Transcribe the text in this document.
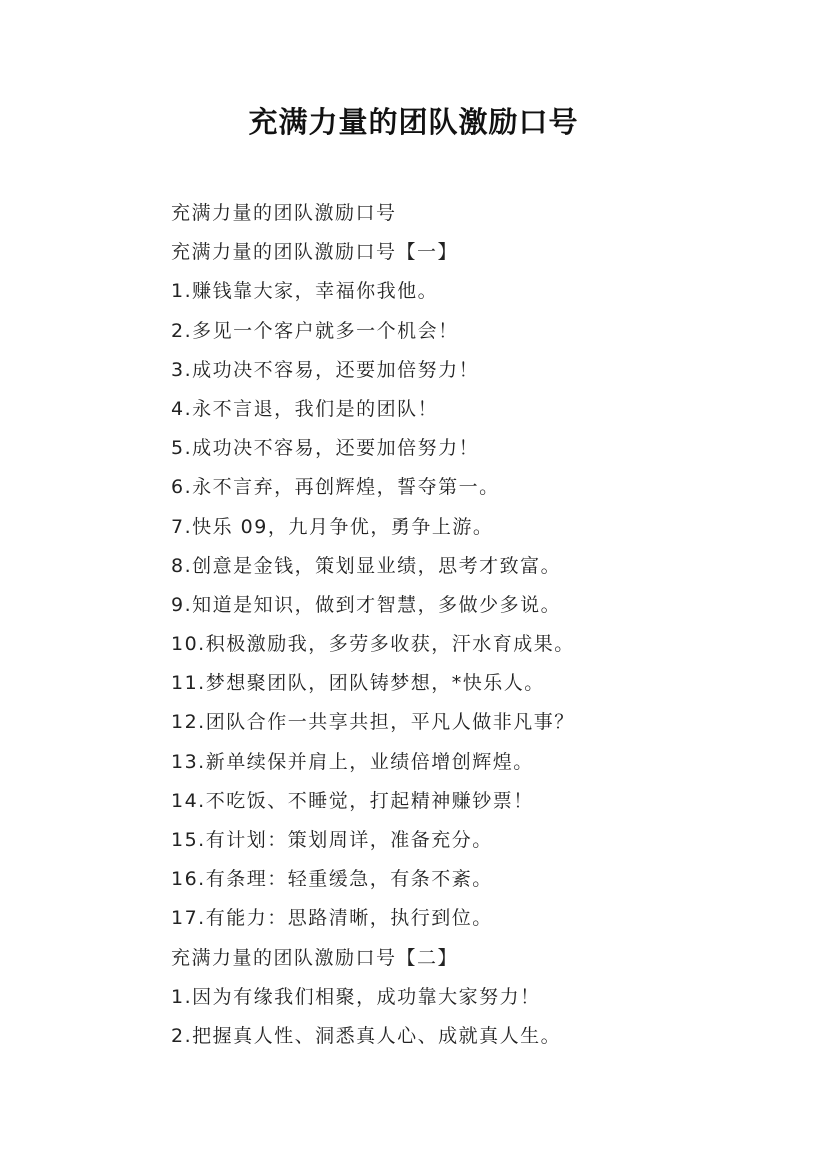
充满力量的团队激励口号
充满力量的团队激励口号
充满力量的团队激励口号【一】
1.赚钱靠大家，幸福你我他。
2.多见一个客户就多一个机会！
3.成功决不容易，还要加倍努力！
4.永不言退，我们是的团队！
5.成功决不容易，还要加倍努力！
6.永不言弃，再创辉煌，誓夺第一。
7.快乐 09，九月争优，勇争上游。
8.创意是金钱，策划显业绩，思考才致富。
9.知道是知识，做到才智慧，多做少多说。
10.积极激励我，多劳多收获，汗水育成果。
11.梦想聚团队，团队铸梦想，*快乐人。
12.团队合作一共享共担，平凡人做非凡事？
13.新单续保并肩上，业绩倍增创辉煌。
14.不吃饭、不睡觉，打起精神赚钞票！
15.有计划：策划周详，准备充分。
16.有条理：轻重缓急，有条不紊。
17.有能力：思路清晰，执行到位。
充满力量的团队激励口号【二】
1.因为有缘我们相聚，成功靠大家努力！
2.把握真人性、洞悉真人心、成就真人生。
